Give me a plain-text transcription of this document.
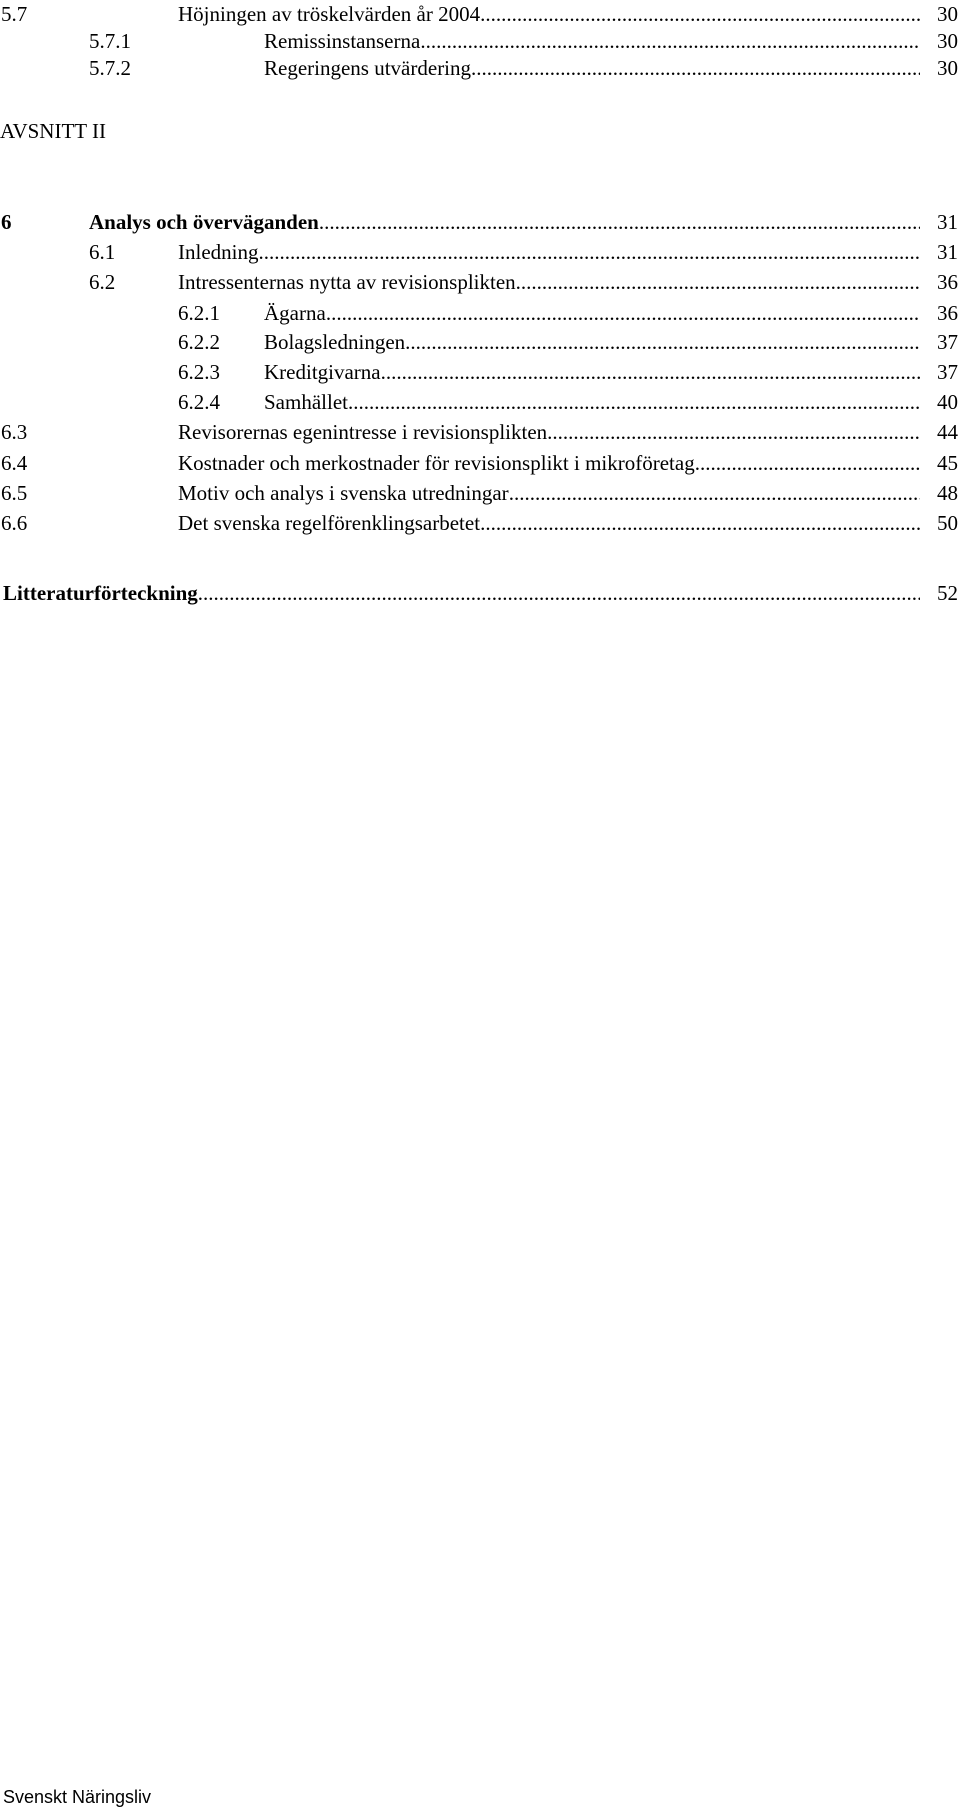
5.7	Höjningen av tröskelvärden år 2004 .....	30
5.7.1	Remissinstanserna .....	30
5.7.2	Regeringens utvärdering .....	30
AVSNITT II
6	Analys och överväganden .....	31
6.1	Inledning .....	31
6.2	Intressenternas nytta av revisionsplikten .....	36
6.2.1 Ägarna .....	36
6.2.2 Bolagsledningen .....	37
6.2.3 Kreditgivarna .....	37
6.2.4 Samhället .....	40
6.3	Revisorernas egenintresse i revisionsplikten .....	44
6.4	Kostnader och merkostnader för revisionsplikt i mikroföretag .....	45
6.5	Motiv och analys i svenska utredningar .....	48
6.6	Det svenska regelförenklingsarbetet .....	50
Litteraturförteckning .....	52
Svenskt Näringsliv
